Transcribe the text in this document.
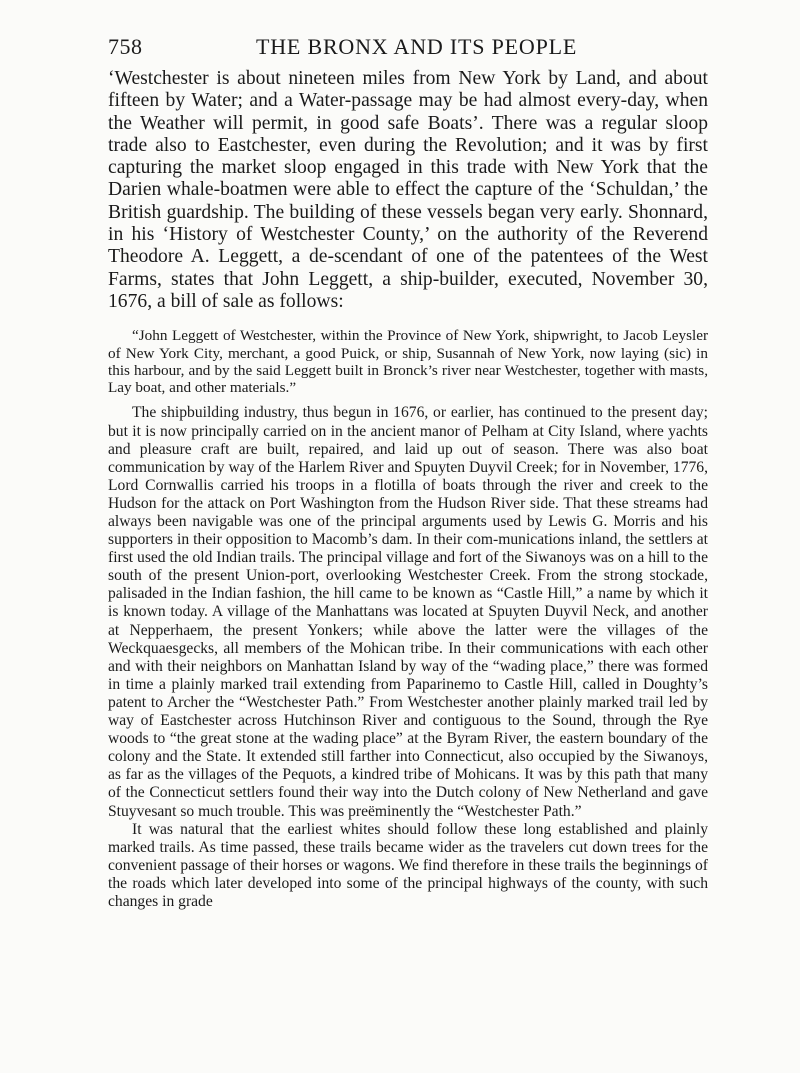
758	THE BRONX AND ITS PEOPLE

‘Westchester is about nineteen miles from New York by Land, and about fifteen by Water; and a Water-passage may be had almost every-day, when the Weather will permit, in good safe Boats’. There was a regular sloop trade also to Eastchester, even during the Revolution; and it was by first capturing the market sloop engaged in this trade with New York that the Darien whale-boatmen were able to effect the capture of the ‘Schuldan,’ the British guardship. The building of these vessels began very early. Shonnard, in his ‘History of Westchester County,’ on the authority of the Reverend Theodore A. Leggett, a de-scendant of one of the patentees of the West Farms, states that John Leggett, a ship-builder, executed, November 30, 1676, a bill of sale as follows:

“John Leggett of Westchester, within the Province of New York, shipwright, to Jacob Leysler of New York City, merchant, a good Puick, or ship, Susannah of New York, now laying (sic) in this harbour, and by the said Leggett built in Bronck’s river near Westchester, together with masts, Lay boat, and other materials.”

The shipbuilding industry, thus begun in 1676, or earlier, has continued to the present day; but it is now principally carried on in the ancient manor of Pelham at City Island, where yachts and pleasure craft are built, repaired, and laid up out of season. There was also boat communication by way of the Harlem River and Spuyten Duyvil Creek; for in November, 1776, Lord Cornwallis carried his troops in a flotilla of boats through the river and creek to the Hudson for the attack on Port Washington from the Hudson River side. That these streams had always been navigable was one of the principal arguments used by Lewis G. Morris and his supporters in their opposition to Macomb’s dam. In their com-munications inland, the settlers at first used the old Indian trails. The principal village and fort of the Siwanoys was on a hill to the south of the present Union-port, overlooking Westchester Creek. From the strong stockade, palisaded in the Indian fashion, the hill came to be known as “Castle Hill,” a name by which it is known today. A village of the Manhattans was located at Spuyten Duyvil Neck, and another at Nepperhaem, the present Yonkers; while above the latter were the villages of the Weckquaesgecks, all members of the Mohican tribe. In their communications with each other and with their neighbors on Manhattan Island by way of the “wading place,” there was formed in time a plainly marked trail extending from Paparinemo to Castle Hill, called in Doughty’s patent to Archer the “Westchester Path.” From Westchester another plainly marked trail led by way of Eastchester across Hutchinson River and contiguous to the Sound, through the Rye woods to “the great stone at the wading place” at the Byram River, the eastern boundary of the colony and the State. It extended still farther into Connecticut, also occupied by the Siwanoys, as far as the villages of the Pequots, a kindred tribe of Mohicans. It was by this path that many of the Connecticut settlers found their way into the Dutch colony of New Netherland and gave Stuyvesant so much trouble. This was preëminently the “Westchester Path.”

It was natural that the earliest whites should follow these long established and plainly marked trails. As time passed, these trails became wider as the travelers cut down trees for the convenient passage of their horses or wagons. We find therefore in these trails the beginnings of the roads which later developed into some of the principal highways of the county, with such changes in grade
